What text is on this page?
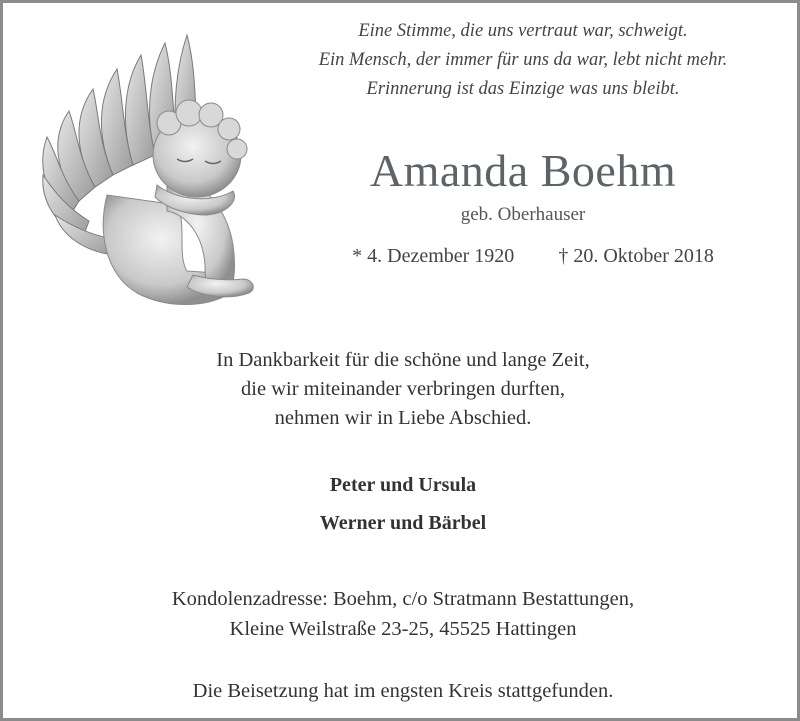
Eine Stimme, die uns vertraut war, schweigt.
Ein Mensch, der immer für uns da war, lebt nicht mehr.
Erinnerung ist das Einzige was uns bleibt.
Amanda Boehm
geb. Oberhauser
* 4. Dezember 1920 † 20. Oktober 2018
In Dankbarkeit für die schöne und lange Zeit,
die wir miteinander verbringen durften,
nehmen wir in Liebe Abschied.
Peter und Ursula
Werner und Bärbel
Kondolenzadresse: Boehm, c/o Stratmann Bestattungen,
Kleine Weilstraße 23-25, 45525 Hattingen
Die Beisetzung hat im engsten Kreis stattgefunden.
